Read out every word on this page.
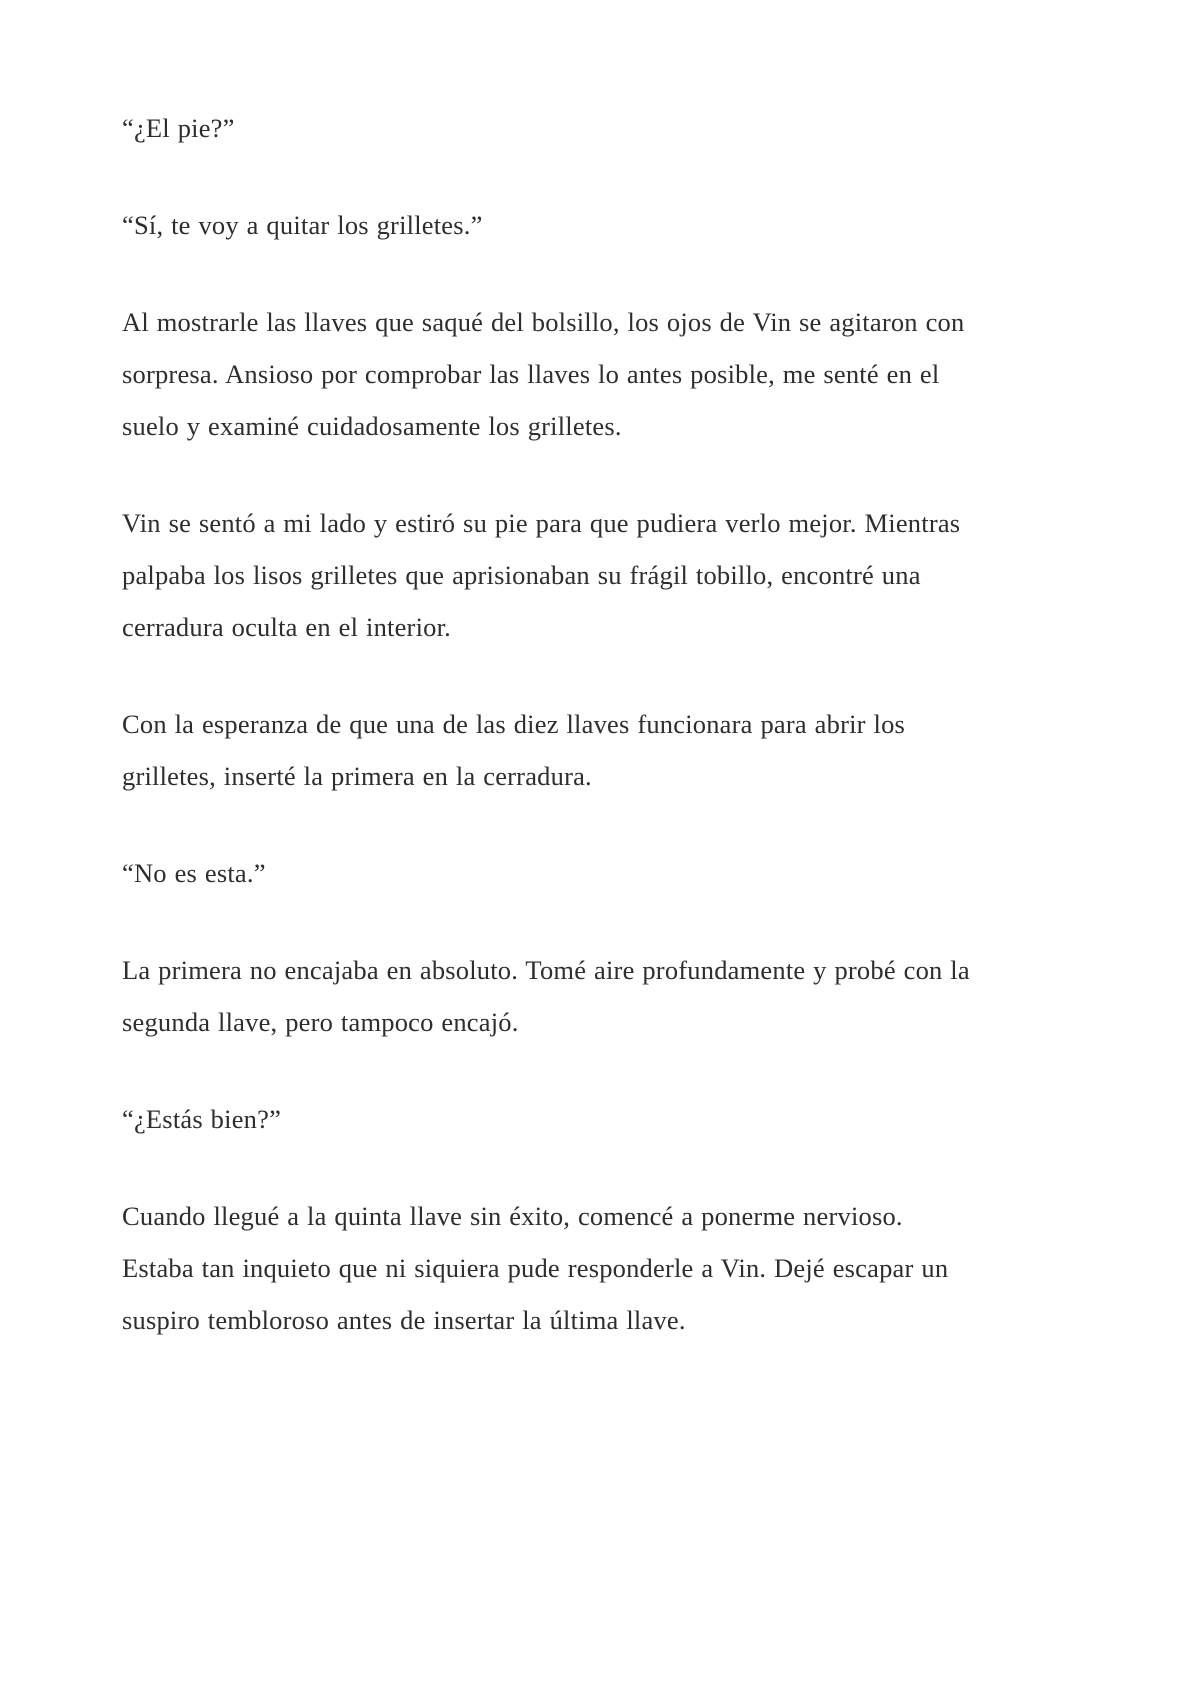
“¿El pie?”

“Sí, te voy a quitar los grilletes.”

Al mostrarle las llaves que saqué del bolsillo, los ojos de Vin se agitaron con sorpresa. Ansioso por comprobar las llaves lo antes posible, me senté en el suelo y examiné cuidadosamente los grilletes.

Vin se sentó a mi lado y estiró su pie para que pudiera verlo mejor. Mientras palpaba los lisos grilletes que aprisionaban su frágil tobillo, encontré una cerradura oculta en el interior.

Con la esperanza de que una de las diez llaves funcionara para abrir los grilletes, inserté la primera en la cerradura.

“No es esta.”

La primera no encajaba en absoluto. Tomé aire profundamente y probé con la segunda llave, pero tampoco encajó.

“¿Estás bien?”

Cuando llegué a la quinta llave sin éxito, comencé a ponerme nervioso. Estaba tan inquieto que ni siquiera pude responderle a Vin. Dejé escapar un suspiro tembloroso antes de insertar la última llave.
